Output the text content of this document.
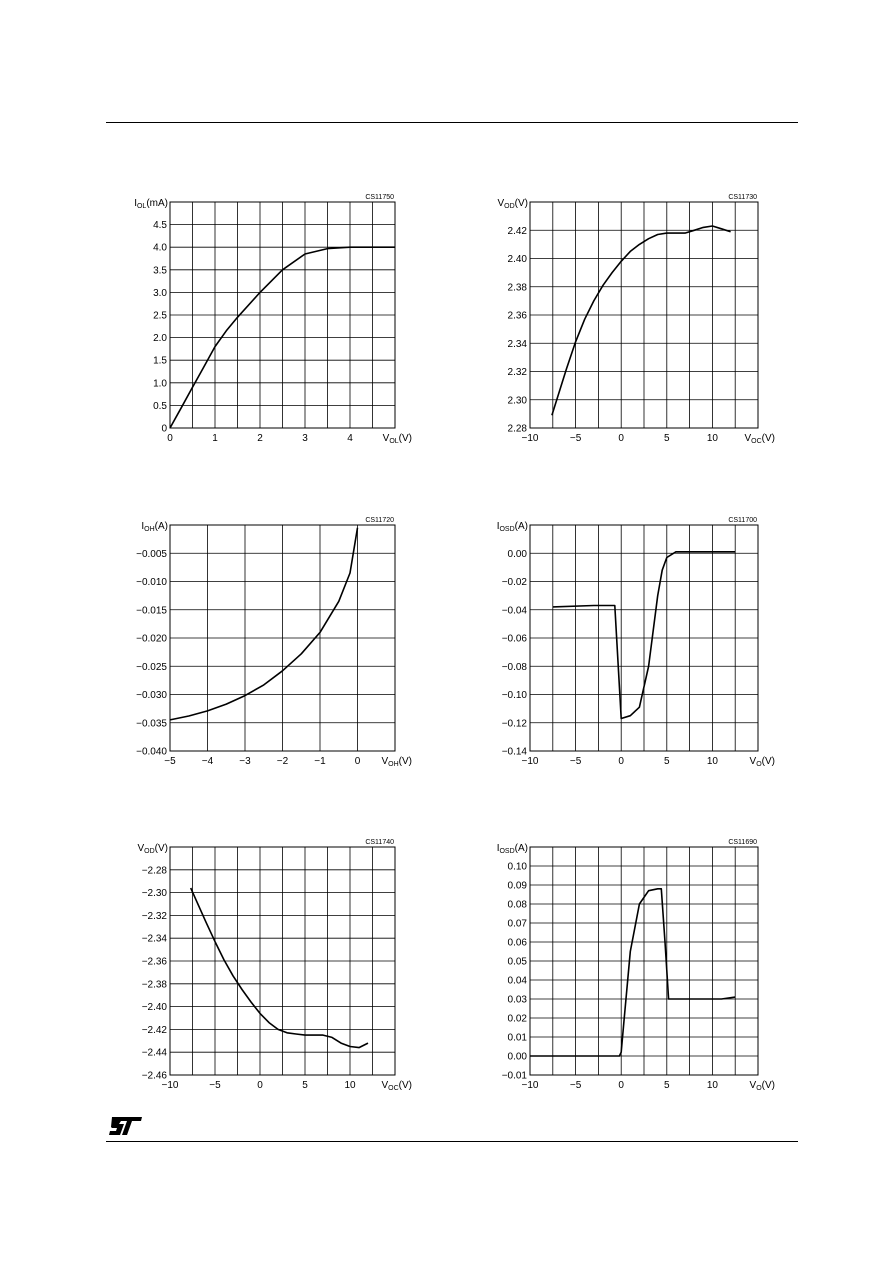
0
0.5
1.0
1.5
2.0
2.5
3.0
3.5
4.0
4.5
0	1	2	3	4
CS11750
$I_{OL}(mA)$
$V_{OL}(V)$
2.28
2.30
2.32
2.34
2.36
2.38
2.40
2.42
−10	−5	0	5	10
CS11730
$V_{OD}(V)$
$V_{OC}(V)$
−0.040
−0.035
−0.030
−0.025
−0.020
−0.015
−0.010
−0.005
−5	−4	−3	−2	−1	0
CS11720
$I_{OH}(A)$
$V_{OH}(V)$
−0.14
−0.12
−0.10
−0.08
−0.06
−0.04
−0.02
0.00
−10	−5	0	5	10
CS11700
$I_{OSD}(A)$
$V_O(V)$
−2.46
−2.44
−2.42
−2.40
−2.38
−2.36
−2.34
−2.32
−2.30
−2.28
−10	−5	0	5	10
CS11740
$V_{OD}(V)$
$V_{OC}(V)$
−0.01
0.00
0.01
0.02
0.03
0.04
0.05
0.06
0.07
0.08
0.09
0.10
−10	−5	0	5	10
CS11690
$I_{OSD}(A)$
$V_O(V)$
